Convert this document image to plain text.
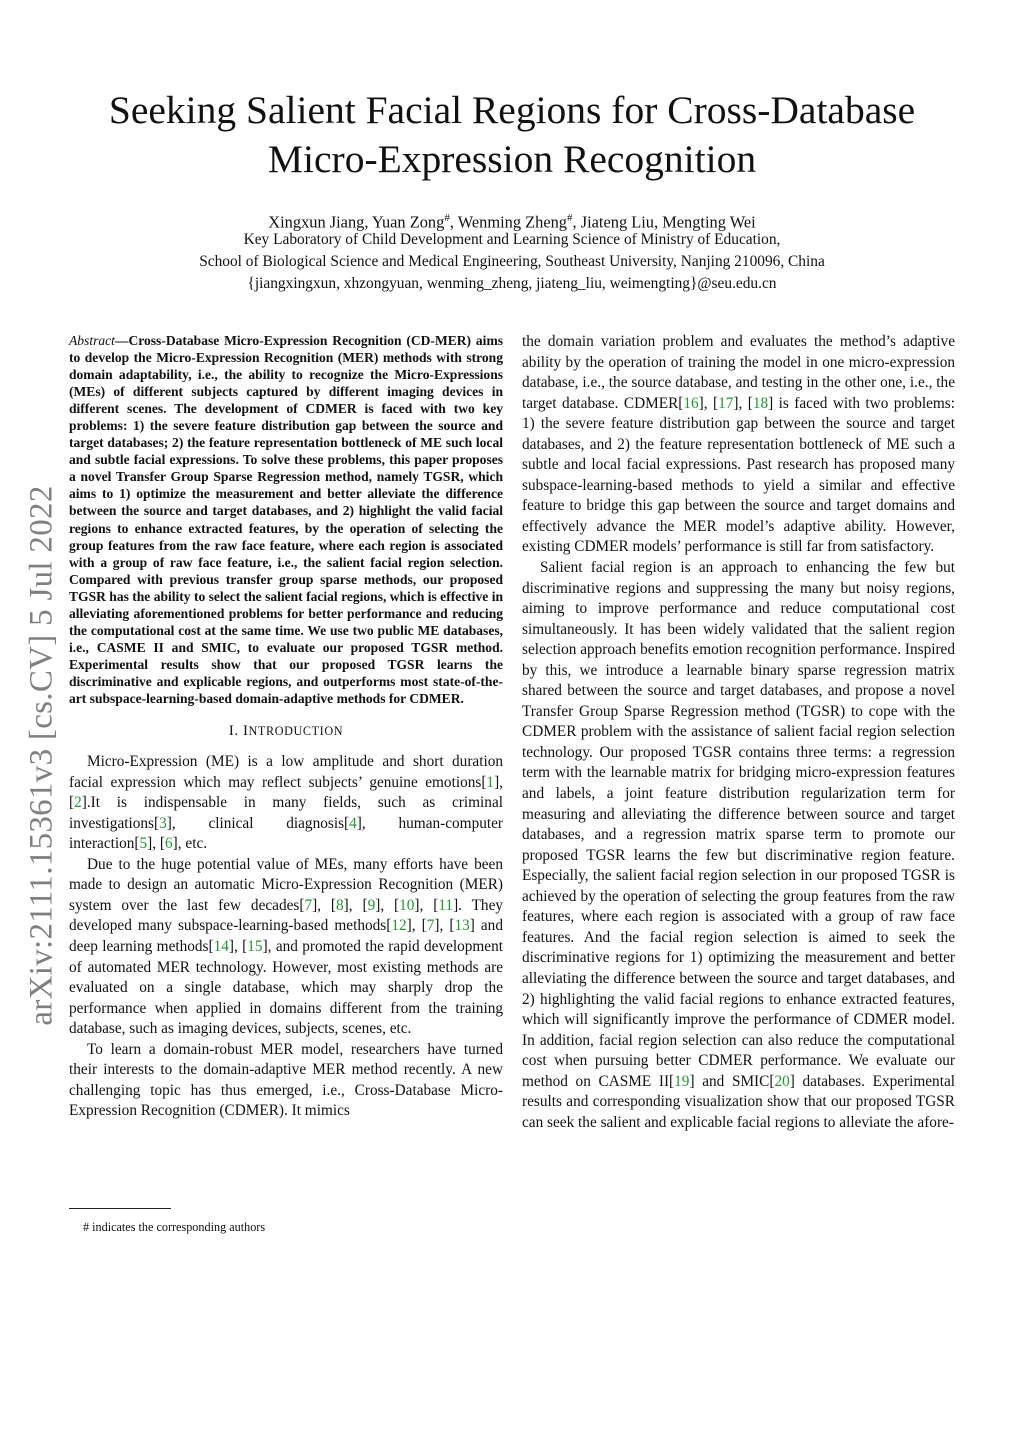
arXiv:2111.15361v3 [cs.CV] 5 Jul 2022
Seeking Salient Facial Regions for Cross-Database
Micro-Expression Recognition
Xingxun Jiang, Yuan Zong#, Wenming Zheng#, Jiateng Liu, Mengting Wei
Key Laboratory of Child Development and Learning Science of Ministry of Education,
School of Biological Science and Medical Engineering, Southeast University, Nanjing 210096, China
{jiangxingxun, xhzongyuan, wenming_zheng, jiateng_liu, weimengting}@seu.edu.cn

Abstract—Cross-Database Micro-Expression Recognition (CD-MER) aims to develop the Micro-Expression Recognition (MER) methods with strong domain adaptability, i.e., the ability to recognize the Micro-Expressions (MEs) of different subjects captured by different imaging devices in different scenes. The development of CDMER is faced with two key problems: 1) the severe feature distribution gap between the source and target databases; 2) the feature representation bottleneck of ME such local and subtle facial expressions. To solve these problems, this paper proposes a novel Transfer Group Sparse Regression method, namely TGSR, which aims to 1) optimize the measurement and better alleviate the difference between the source and target databases, and 2) highlight the valid facial regions to enhance extracted features, by the operation of selecting the group features from the raw face feature, where each region is associated with a group of raw face feature, i.e., the salient facial region selection. Compared with previous transfer group sparse methods, our proposed TGSR has the ability to select the salient facial regions, which is effective in alleviating aforementioned problems for better performance and reducing the computational cost at the same time. We use two public ME databases, i.e., CASME II and SMIC, to evaluate our proposed TGSR method. Experimental results show that our proposed TGSR learns the discriminative and explicable regions, and outperforms most state-of-the-art subspace-learning-based domain-adaptive methods for CDMER.

I. INTRODUCTION

Micro-Expression (ME) is a low amplitude and short duration facial expression which may reflect subjects’ genuine emotions[1], [2].It is indispensable in many fields, such as criminal investigations[3], clinical diagnosis[4], human-computer interaction[5], [6], etc.

Due to the huge potential value of MEs, many efforts have been made to design an automatic Micro-Expression Recognition (MER) system over the last few decades[7], [8], [9], [10], [11]. They developed many subspace-learning-based methods[12], [7], [13] and deep learning methods[14], [15], and promoted the rapid development of automated MER technology. However, most existing methods are evaluated on a single database, which may sharply drop the performance when applied in domains different from the training database, such as imaging devices, subjects, scenes, etc.

To learn a domain-robust MER model, researchers have turned their interests to the domain-adaptive MER method recently. A new challenging topic has thus emerged, i.e., Cross-Database Micro-Expression Recognition (CDMER). It mimics

# indicates the corresponding authors

the domain variation problem and evaluates the method’s adaptive ability by the operation of training the model in one micro-expression database, i.e., the source database, and testing in the other one, i.e., the target database. CDMER[16], [17], [18] is faced with two problems: 1) the severe feature distribution gap between the source and target databases, and 2) the feature representation bottleneck of ME such a subtle and local facial expressions. Past research has proposed many subspace-learning-based methods to yield a similar and effective feature to bridge this gap between the source and target domains and effectively advance the MER model’s adaptive ability. However, existing CDMER models’ performance is still far from satisfactory.

Salient facial region is an approach to enhancing the few but discriminative regions and suppressing the many but noisy regions, aiming to improve performance and reduce computational cost simultaneously. It has been widely validated that the salient region selection approach benefits emotion recognition performance. Inspired by this, we introduce a learnable binary sparse regression matrix shared between the source and target databases, and propose a novel Transfer Group Sparse Regression method (TGSR) to cope with the CDMER problem with the assistance of salient facial region selection technology. Our proposed TGSR contains three terms: a regression term with the learnable matrix for bridging micro-expression features and labels, a joint feature distribution regularization term for measuring and alleviating the difference between source and target databases, and a regression matrix sparse term to promote our proposed TGSR learns the few but discriminative region feature. Especially, the salient facial region selection in our proposed TGSR is achieved by the operation of selecting the group features from the raw features, where each region is associated with a group of raw face features. And the facial region selection is aimed to seek the discriminative regions for 1) optimizing the measurement and better alleviating the difference between the source and target databases, and 2) highlighting the valid facial regions to enhance extracted features, which will significantly improve the performance of CDMER model. In addition, facial region selection can also reduce the computational cost when pursuing better CDMER performance. We evaluate our method on CASME II[19] and SMIC[20] databases. Experimental results and corresponding visualization show that our proposed TGSR can seek the salient and explicable facial regions to alleviate the afore-
